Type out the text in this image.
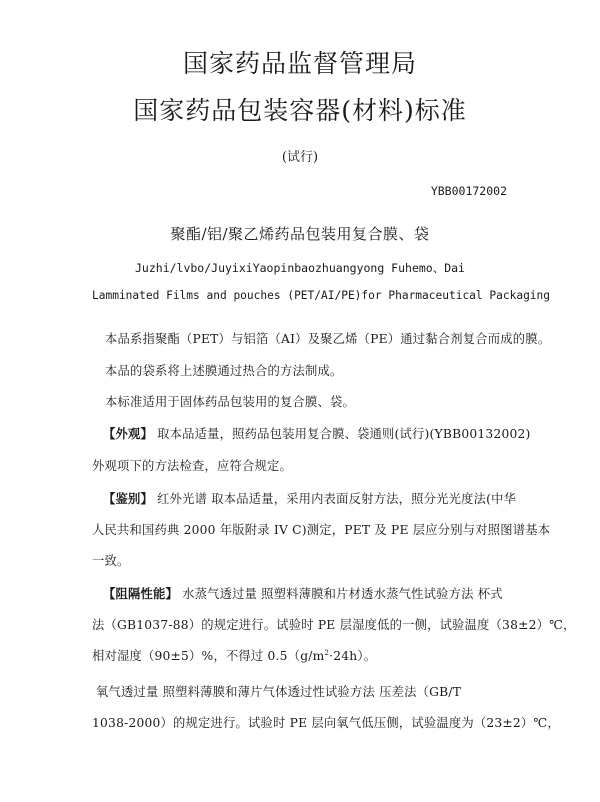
国家药品监督管理局
国家药品包装容器(材料)标准
(试行)
YBB00172002
聚酯/铝/聚乙烯药品包装用复合膜、袋
Juzhi/lvbo/JuyixiYaopinbaozhuangyong Fuhemo、Dai
Lamminated Films and pouches (PET/AI/PE)for Pharmaceutical Packaging
本品系指聚酯（PET）与铝箔（AI）及聚乙烯（PE）通过黏合剂复合而成的膜。
本品的袋系将上述膜通过热合的方法制成。
本标准适用于固体药品包装用的复合膜、袋。
【外观】 取本品适量，照药品包装用复合膜、袋通则(试行)(YBB00132002)
外观项下的方法检查，应符合规定。
【鉴别】 红外光谱 取本品适量，采用内表面反射方法，照分光光度法(中华
人民共和国药典 2000 年版附录 IV C)测定，PET 及 PE 层应分别与对照图谱基本
一致。
【阻隔性能】 水蒸气透过量 照塑料薄膜和片材透水蒸气性试验方法 杯式
法（GB1037-88）的规定进行。试验时 PE 层湿度低的一侧，试验温度（38±2）℃，
相对湿度（90±5）%，不得过 $0.5(g/m^2\cdot 24h)$。
氧气透过量 照塑料薄膜和薄片气体透过性试验方法 压差法（GB/T
1038-2000）的规定进行。试验时 PE 层向氧气低压侧，试验温度为（23±2）℃，
